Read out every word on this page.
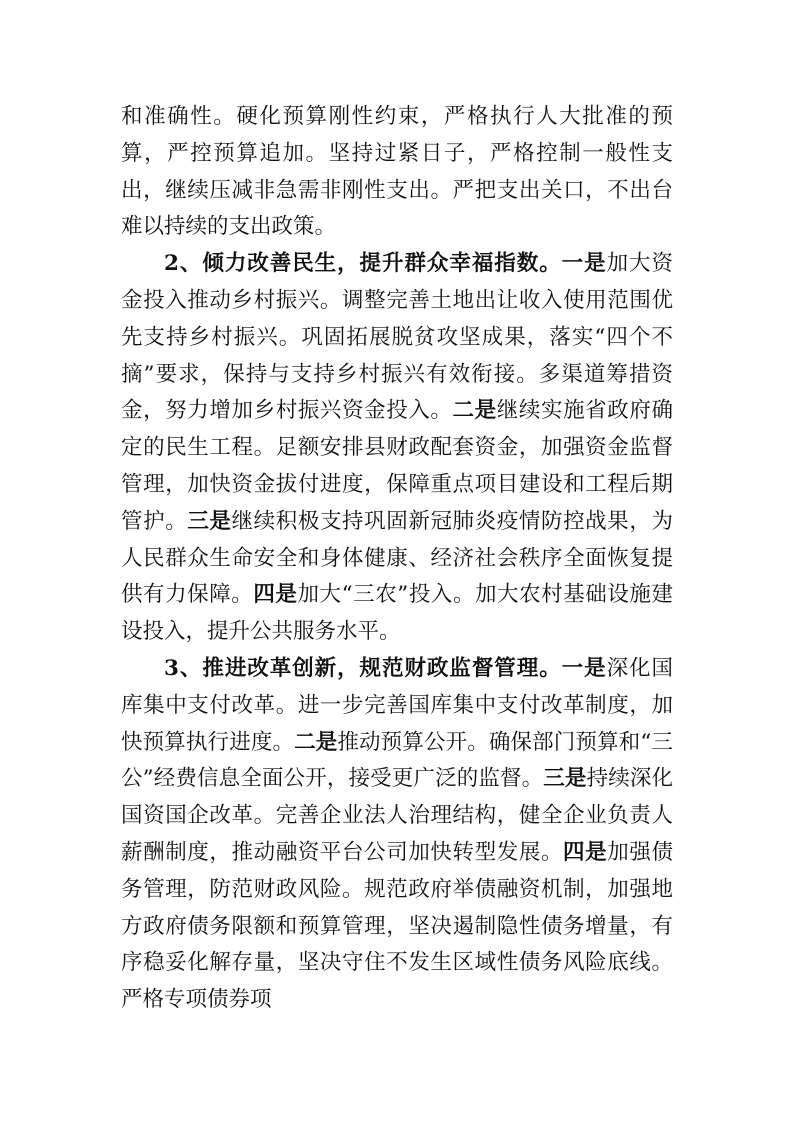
和准确性。硬化预算刚性约束，严格执行人大批准的预算，严控预算追加。坚持过紧日子，严格控制一般性支出，继续压减非急需非刚性支出。严把支出关口，不出台难以持续的支出政策。

2、倾力改善民生，提升群众幸福指数。一是加大资金投入推动乡村振兴。调整完善土地出让收入使用范围优先支持乡村振兴。巩固拓展脱贫攻坚成果，落实“四个不摘”要求，保持与支持乡村振兴有效衔接。多渠道筹措资金，努力增加乡村振兴资金投入。二是继续实施省政府确定的民生工程。足额安排县财政配套资金，加强资金监督管理，加快资金拔付进度，保障重点项目建设和工程后期管护。三是继续积极支持巩固新冠肺炎疫情防控战果，为人民群众生命安全和身体健康、经济社会秩序全面恢复提供有力保障。四是加大“三农”投入。加大农村基础设施建设投入，提升公共服务水平。

3、推进改革创新，规范财政监督管理。一是深化国库集中支付改革。进一步完善国库集中支付改革制度，加快预算执行进度。二是推动预算公开。确保部门预算和“三公”经费信息全面公开，接受更广泛的监督。三是持续深化国资国企改革。完善企业法人治理结构，健全企业负责人薪酬制度，推动融资平台公司加快转型发展。四是加强债务管理，防范财政风险。规范政府举债融资机制，加强地方政府债务限额和预算管理，坚决遏制隐性债务增量，有序稳妥化解存量，坚决守住不发生区域性债务风险底线。严格专项债券项
